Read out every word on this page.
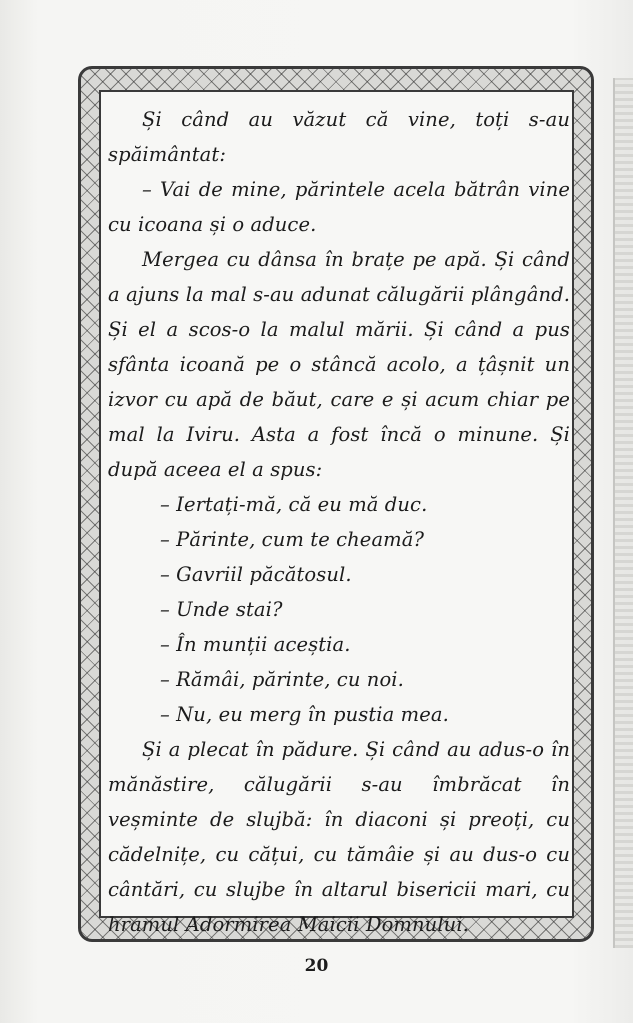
Și când au văzut că vine, toți s-au spăimântat:

– Vai de mine, părintele acela bătrân vine cu icoana și o aduce.

Mergea cu dânsa în brațe pe apă. Și când a ajuns la mal s-au adunat călugării plângând. Și el a scos-o la malul mării. Și când a pus sfânta icoană pe o stâncă acolo, a țâșnit un izvor cu apă de băut, care e și acum chiar pe mal la Iviru. Asta a fost încă o minune. Și după aceea el a spus:

– Iertați-mă, că eu mă duc.

– Părinte, cum te cheamă?

– Gavriil păcătosul.

– Unde stai?

– În munții aceștia.

– Rămâi, părinte, cu noi.

– Nu, eu merg în pustia mea.

Și a plecat în pădure. Și când au adus-o în mănăstire, călugării s-au îmbrăcat în veșminte de slujbă: în diaconi și preoți, cu cădelnițe, cu cățui, cu tămâie și au dus-o cu cântări, cu slujbe în altarul bisericii mari, cu hramul Adormirea Maicii Domnului.

20
